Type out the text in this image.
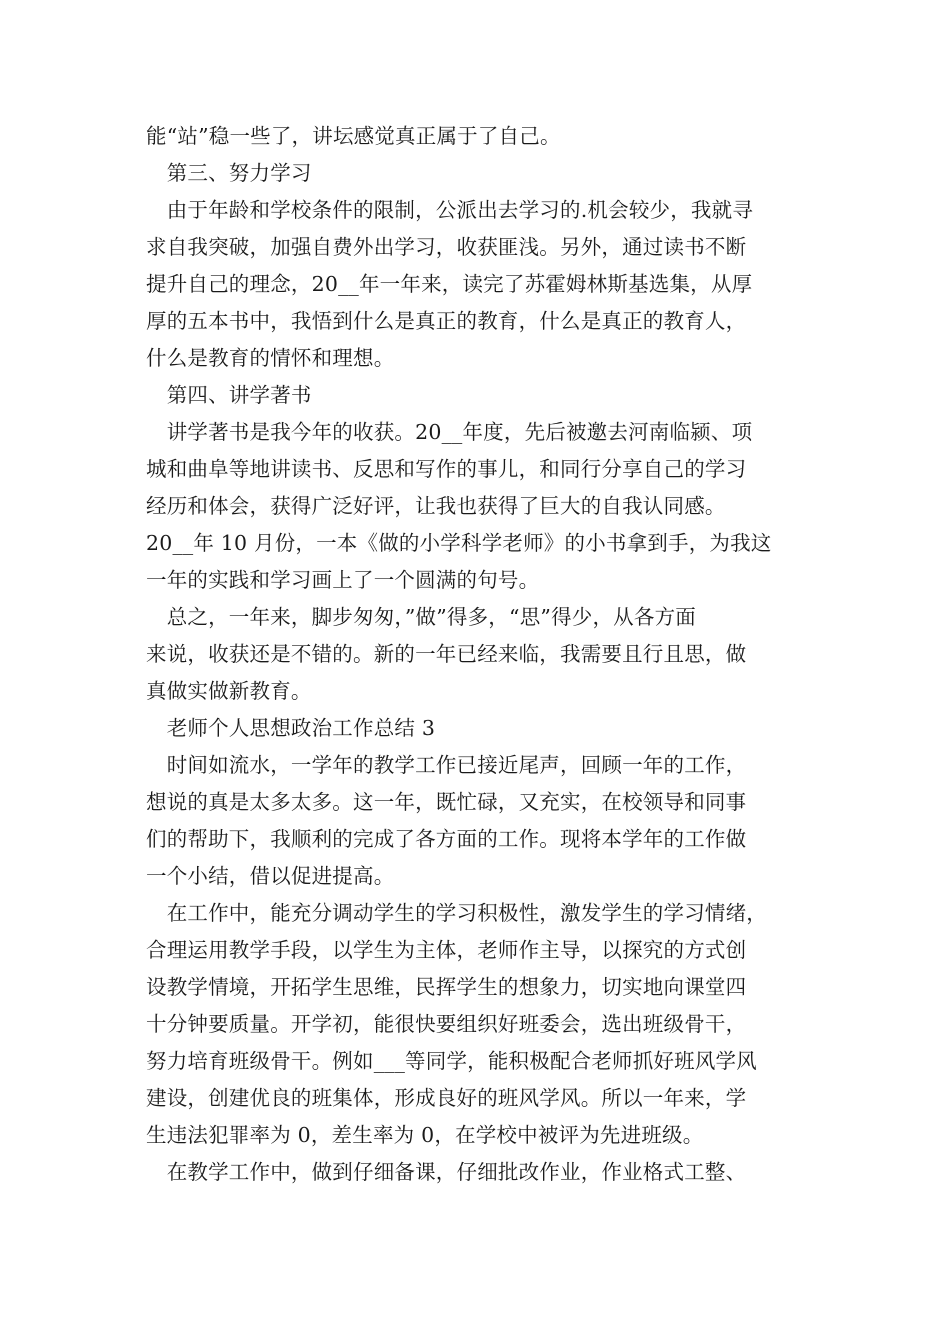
能“站”稳一些了，讲坛感觉真正属于了自己。
　第三、努力学习
　由于年龄和学校条件的限制，公派出去学习的.机会较少，我就寻
求自我突破，加强自费外出学习，收获匪浅。另外，通过读书不断
提升自己的理念，20__年一年来，读完了苏霍姆林斯基选集，从厚
厚的五本书中，我悟到什么是真正的教育，什么是真正的教育人，
什么是教育的情怀和理想。
　第四、讲学著书
　讲学著书是我今年的收获。20__年度，先后被邀去河南临颍、项
城和曲阜等地讲读书、反思和写作的事儿，和同行分享自己的学习
经历和体会，获得广泛好评，让我也获得了巨大的自我认同感。
20__年 10 月份，一本《做的小学科学老师》的小书拿到手，为我这
一年的实践和学习画上了一个圆满的句号。
　总之，一年来，脚步匆匆，”做”得多，“思”得少，从各方面
来说，收获还是不错的。新的一年已经来临，我需要且行且思，做
真做实做新教育。
　老师个人思想政治工作总结 3
　时间如流水，一学年的教学工作已接近尾声，回顾一年的工作，
想说的真是太多太多。这一年，既忙碌，又充实，在校领导和同事
们的帮助下，我顺利的完成了各方面的工作。现将本学年的工作做
一个小结，借以促进提高。
　在工作中，能充分调动学生的学习积极性，激发学生的学习情绪，
合理运用教学手段，以学生为主体，老师作主导，以探究的方式创
设教学情境，开拓学生思维，民挥学生的想象力，切实地向课堂四
十分钟要质量。开学初，能很快要组织好班委会，选出班级骨干，
努力培育班级骨干。例如___等同学，能积极配合老师抓好班风学风
建设，创建优良的班集体，形成良好的班风学风。所以一年来，学
生违法犯罪率为 0，差生率为 0，在学校中被评为先进班级。
　在教学工作中，做到仔细备课，仔细批改作业，作业格式工整、
